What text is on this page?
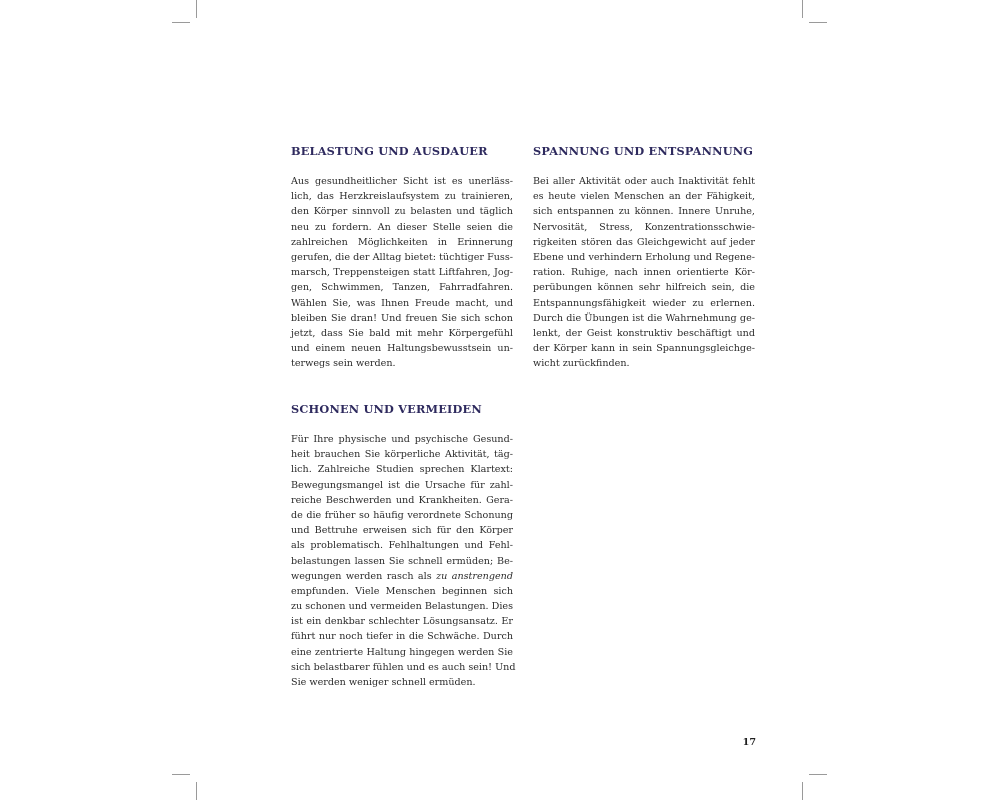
BELASTUNG UND AUSDAUER
Aus gesundheitlicher Sicht ist es unerläss-
lich, das Herzkreislaufsystem zu trainieren,
den Körper sinnvoll zu belasten und täglich
neu zu fordern. An dieser Stelle seien die
zahlreichen Möglichkeiten in Erinnerung
gerufen, die der Alltag bietet: tüchtiger Fuss-
marsch, Treppensteigen statt Liftfahren, Jog-
gen, Schwimmen, Tanzen, Fahrradfahren.
Wählen Sie, was Ihnen Freude macht, und
bleiben Sie dran! Und freuen Sie sich schon
jetzt, dass Sie bald mit mehr Körpergefühl
und einem neuen Haltungsbewusstsein un-
terwegs sein werden.
SPANNUNG UND ENTSPANNUNG
Bei aller Aktivität oder auch Inaktivität fehlt
es heute vielen Menschen an der Fähigkeit,
sich entspannen zu können. Innere Unruhe,
Nervosität, Stress, Konzentrationsschwie-
rigkeiten stören das Gleichgewicht auf jeder
Ebene und verhindern Erholung und Regene-
ration. Ruhige, nach innen orientierte Kör-
perübungen können sehr hilfreich sein, die
Entspannungsfähigkeit wieder zu erlernen.
Durch die Übungen ist die Wahrnehmung ge-
lenkt, der Geist konstruktiv beschäftigt und
der Körper kann in sein Spannungsgleichge-
wicht zurückfinden.
SCHONEN UND VERMEIDEN
Für Ihre physische und psychische Gesund-
heit brauchen Sie körperliche Aktivität, täg-
lich. Zahlreiche Studien sprechen Klartext:
Bewegungsmangel ist die Ursache für zahl-
reiche Beschwerden und Krankheiten. Gera-
de die früher so häufig verordnete Schonung
und Bettruhe erweisen sich für den Körper
als problematisch. Fehlhaltungen und Fehl-
belastungen lassen Sie schnell ermüden; Be-
wegungen werden rasch als zu anstrengend
empfunden. Viele Menschen beginnen sich
zu schonen und vermeiden Belastungen. Dies
ist ein denkbar schlechter Lösungsansatz. Er
führt nur noch tiefer in die Schwäche. Durch
eine zentrierte Haltung hingegen werden Sie
sich belastbarer fühlen und es auch sein! Und
Sie werden weniger schnell ermüden.
17
